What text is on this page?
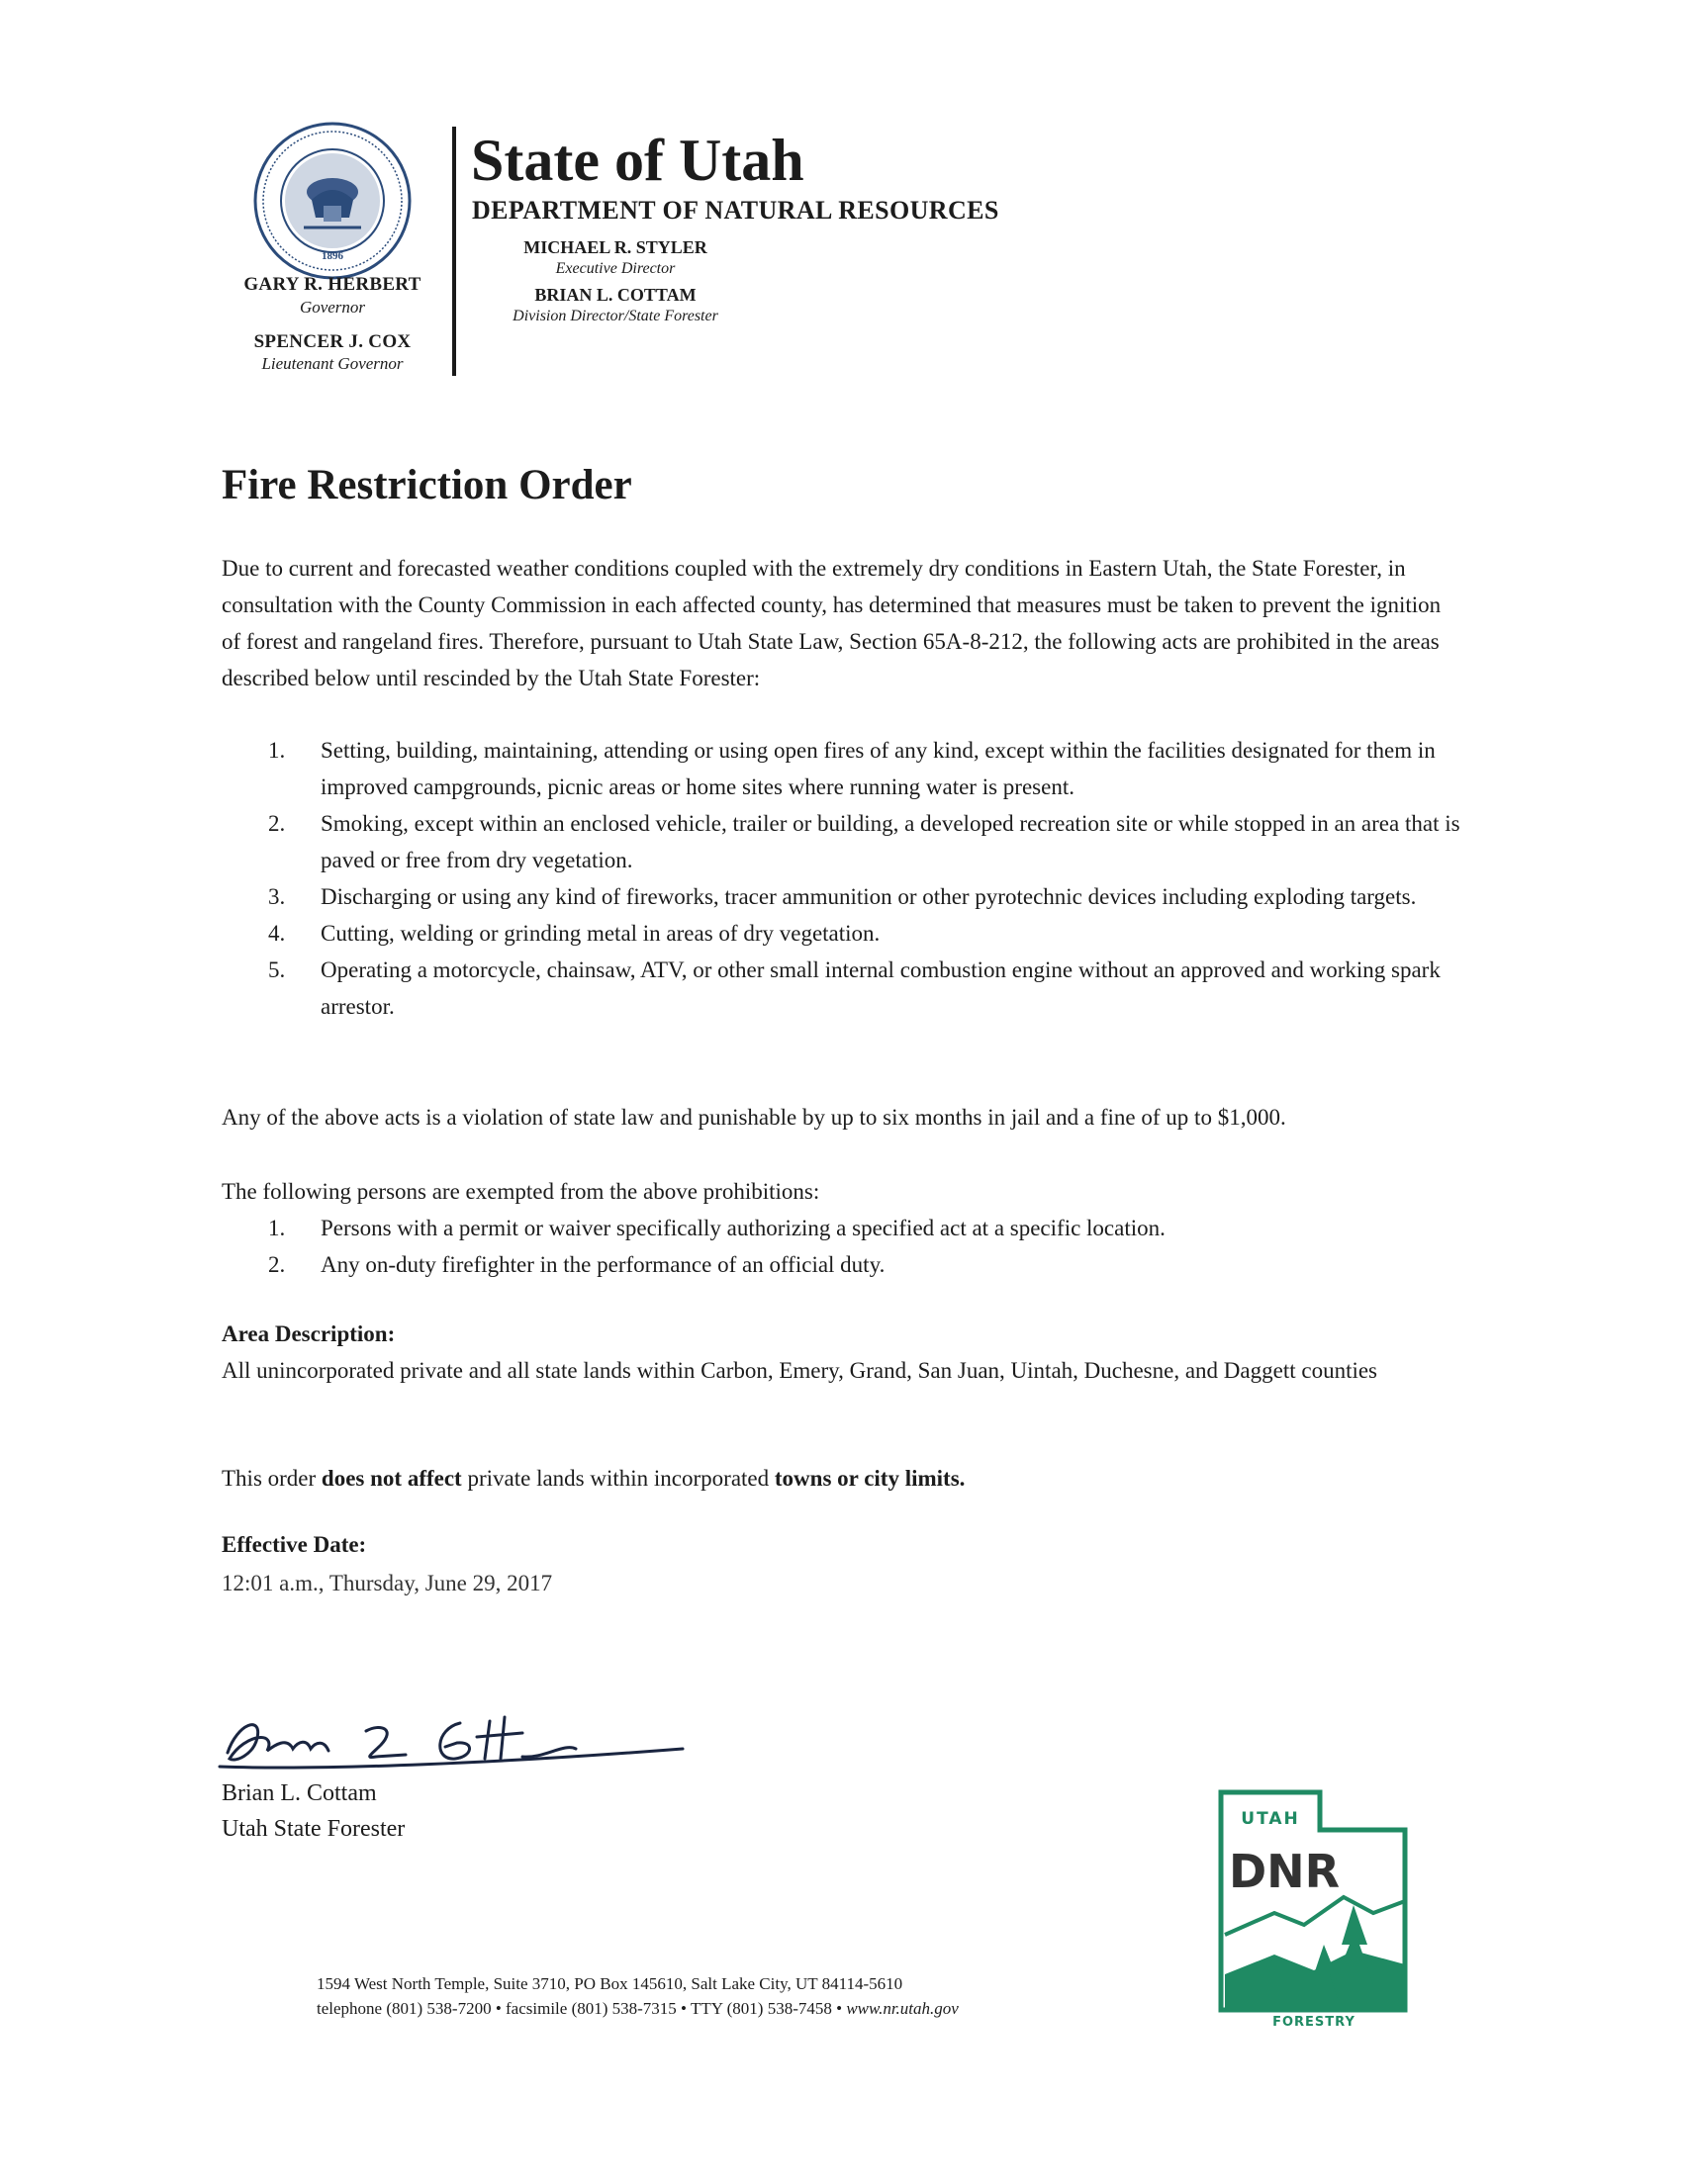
1896
GARY R. HERBERT
Governor
SPENCER J. COX
Lieutenant Governor
State of Utah
DEPARTMENT OF NATURAL RESOURCES
MICHAEL R. STYLER
Executive Director
BRIAN L. COTTAM
Division Director/State Forester
Fire Restriction Order
Due to current and forecasted weather conditions coupled with the extremely dry conditions in Eastern Utah, the State Forester, in consultation with the County Commission in each affected county, has determined that measures must be taken to prevent the ignition of forest and rangeland fires. Therefore, pursuant to Utah State Law, Section 65A-8-212, the following acts are prohibited in the areas described below until rescinded by the Utah State Forester:
1. Setting, building, maintaining, attending or using open fires of any kind, except within the facilities designated for them in improved campgrounds, picnic areas or home sites where running water is present.
2. Smoking, except within an enclosed vehicle, trailer or building, a developed recreation site or while stopped in an area that is paved or free from dry vegetation.
3. Discharging or using any kind of fireworks, tracer ammunition or other pyrotechnic devices including exploding targets.
4. Cutting, welding or grinding metal in areas of dry vegetation.
5. Operating a motorcycle, chainsaw, ATV, or other small internal combustion engine without an approved and working spark arrestor.
Any of the above acts is a violation of state law and punishable by up to six months in jail and a fine of up to $1,000.
The following persons are exempted from the above prohibitions:
1. Persons with a permit or waiver specifically authorizing a specified act at a specific location.
2. Any on-duty firefighter in the performance of an official duty.
Area Description:
All unincorporated private and all state lands within Carbon, Emery, Grand, San Juan, Uintah, Duchesne, and Daggett counties
This order does not affect private lands within incorporated towns or city limits.
Effective Date:
12:01 a.m., Thursday, June 29, 2017
Brian L. Cottam
Utah State Forester
1594 West North Temple, Suite 3710, PO Box 145610, Salt Lake City, UT 84114-5610
telephone (801) 538-7200 • facsimile (801) 538-7315 • TTY (801) 538-7458 • www.nr.utah.gov
UTAH
DNR
FORESTRY
